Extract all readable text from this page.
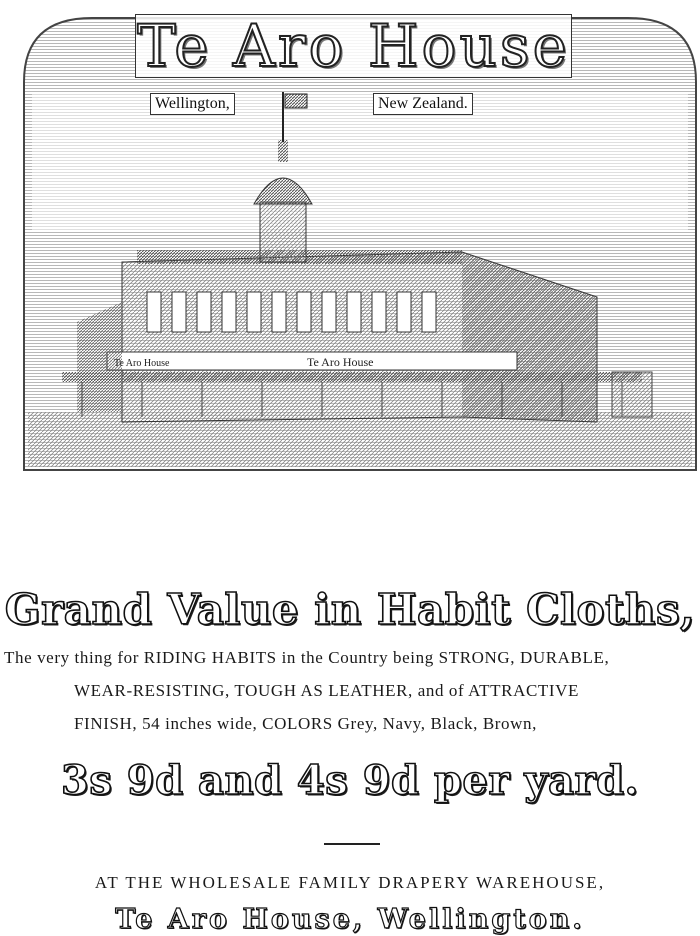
Te Aro House	Te Aro House
Te Aro House
Wellington,	New Zealand.
Grand Value in Habit Cloths,
The very thing for RIDING HABITS in the Country being STRONG, DURABLE,
WEAR-RESISTING, TOUGH AS LEATHER, and of ATTRACTIVE
FINISH, 54 inches wide, COLORS Grey, Navy, Black, Brown,
3s 9d and 4s 9d per yard.
AT THE WHOLESALE FAMILY DRAPERY WAREHOUSE,
Te Aro House, Wellington.
